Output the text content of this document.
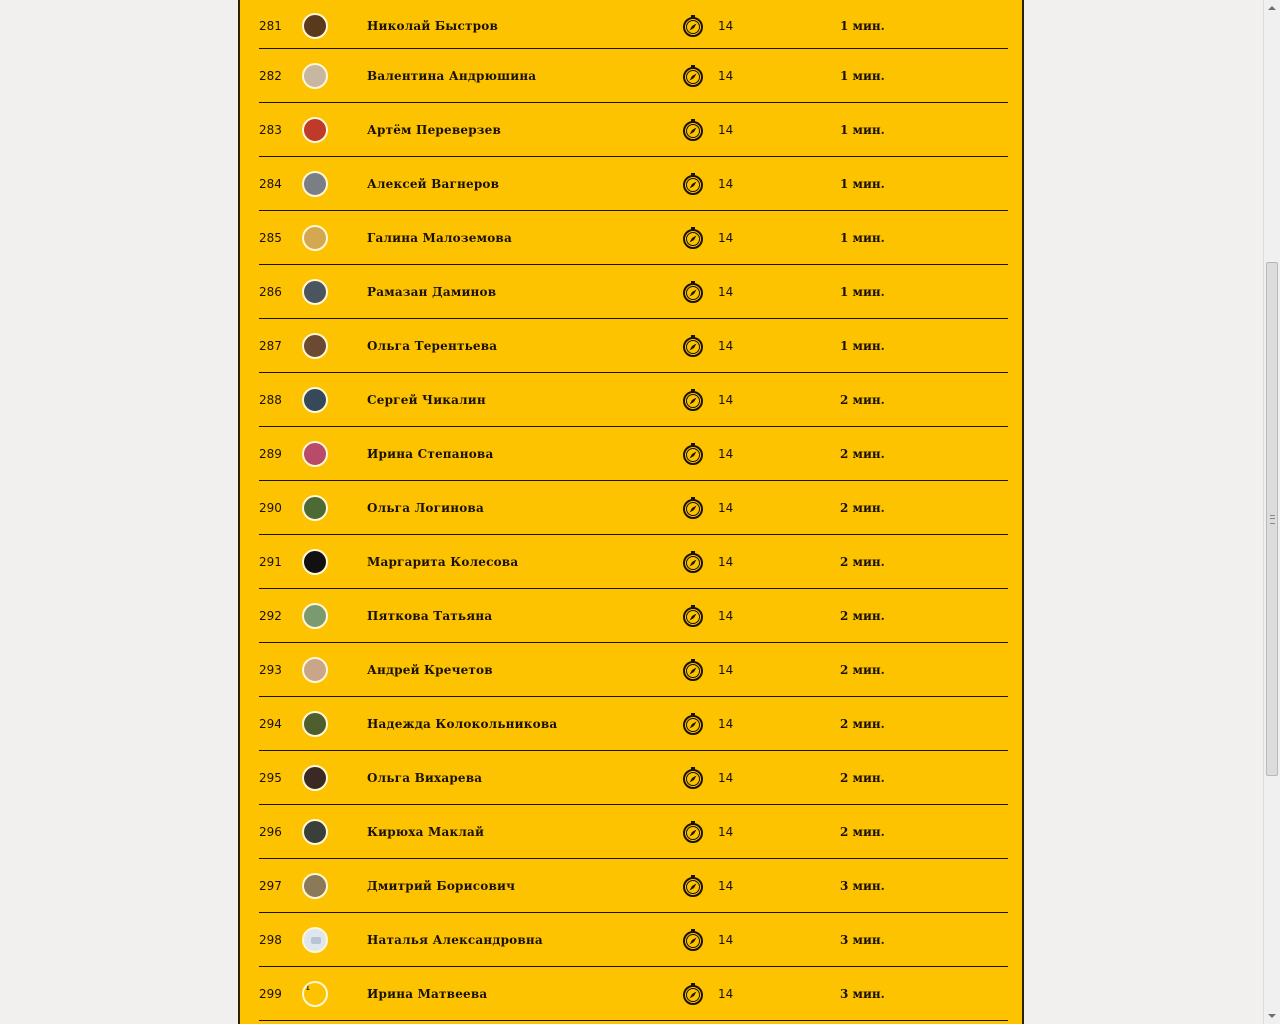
281	Николай Быстров	14	1 мин.
282	Валентина Андрюшина	14	1 мин.
283	Артём Переверзев	14	1 мин.
284	Алексей Вагнеров	14	1 мин.
285	Галина Малоземова	14	1 мин.
286	Рамазан Даминов	14	1 мин.
287	Ольга Терентьева	14	1 мин.
288	Сергей Чикалин	14	2 мин.
289	Ирина Степанова	14	2 мин.
290	Ольга Логинова	14	2 мин.
291	Маргарита Колесова	14	2 мин.
292	Пяткова Татьяна	14	2 мин.
293	Андрей Кречетов	14	2 мин.
294	Надежда Колокольникова	14	2 мин.
295	Ольга Вихарева	14	2 мин.
296	Кирюха Маклай	14	2 мин.
297	Дмитрий Борисович	14	3 мин.
298	Наталья Александровна	14	3 мин.
299
f	Ирина Матвеева	14	3 мин.
